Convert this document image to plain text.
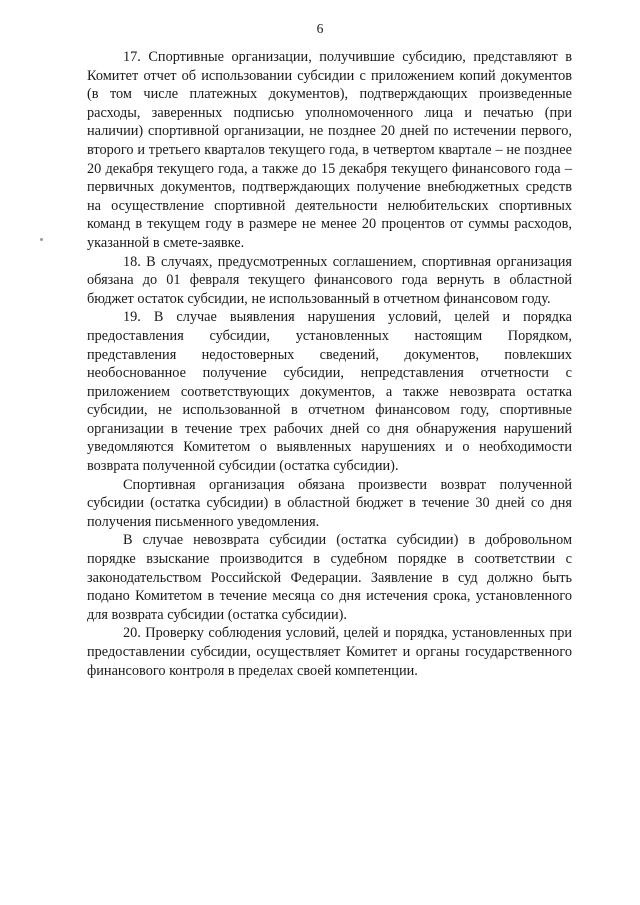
6

17. Спортивные организации, получившие субсидию, представляют в Комитет отчет об использовании субсидии с приложением копий документов (в том числе платежных документов), подтверждающих произведенные расходы, заверенных подписью уполномоченного лица и печатью (при наличии) спортивной организации, не позднее 20 дней по истечении первого, второго и третьего кварталов текущего года, в четвертом квартале – не позднее 20 декабря текущего года, а также до 15 декабря текущего финансового года – первичных документов, подтверждающих получение внебюджетных средств на осуществление спортивной деятельности нелюбительских спортивных команд в текущем году в размере не менее 20 процентов от суммы расходов, указанной в смете-заявке.

18. В случаях, предусмотренных соглашением, спортивная организация обязана до 01 февраля текущего финансового года вернуть в областной бюджет остаток субсидии, не использованный в отчетном финансовом году.

19. В случае выявления нарушения условий, целей и порядка предоставления субсидии, установленных настоящим Порядком, представления недостоверных сведений, документов, повлекших необоснованное получение субсидии, непредставления отчетности с приложением соответствующих документов, а также невозврата остатка субсидии, не использованной в отчетном финансовом году, спортивные организации в течение трех рабочих дней со дня обнаружения нарушений уведомляются Комитетом о выявленных нарушениях и о необходимости возврата полученной субсидии (остатка субсидии).

Спортивная организация обязана произвести возврат полученной субсидии (остатка субсидии) в областной бюджет в течение 30 дней со дня получения письменного уведомления.

В случае невозврата субсидии (остатка субсидии) в добровольном порядке взыскание производится в судебном порядке в соответствии с законодательством Российской Федерации. Заявление в суд должно быть подано Комитетом в течение месяца со дня истечения срока, установленного для возврата субсидии (остатка субсидии).

20. Проверку соблюдения условий, целей и порядка, установленных при предоставлении субсидии, осуществляет Комитет и органы государственного финансового контроля в пределах своей компетенции.
